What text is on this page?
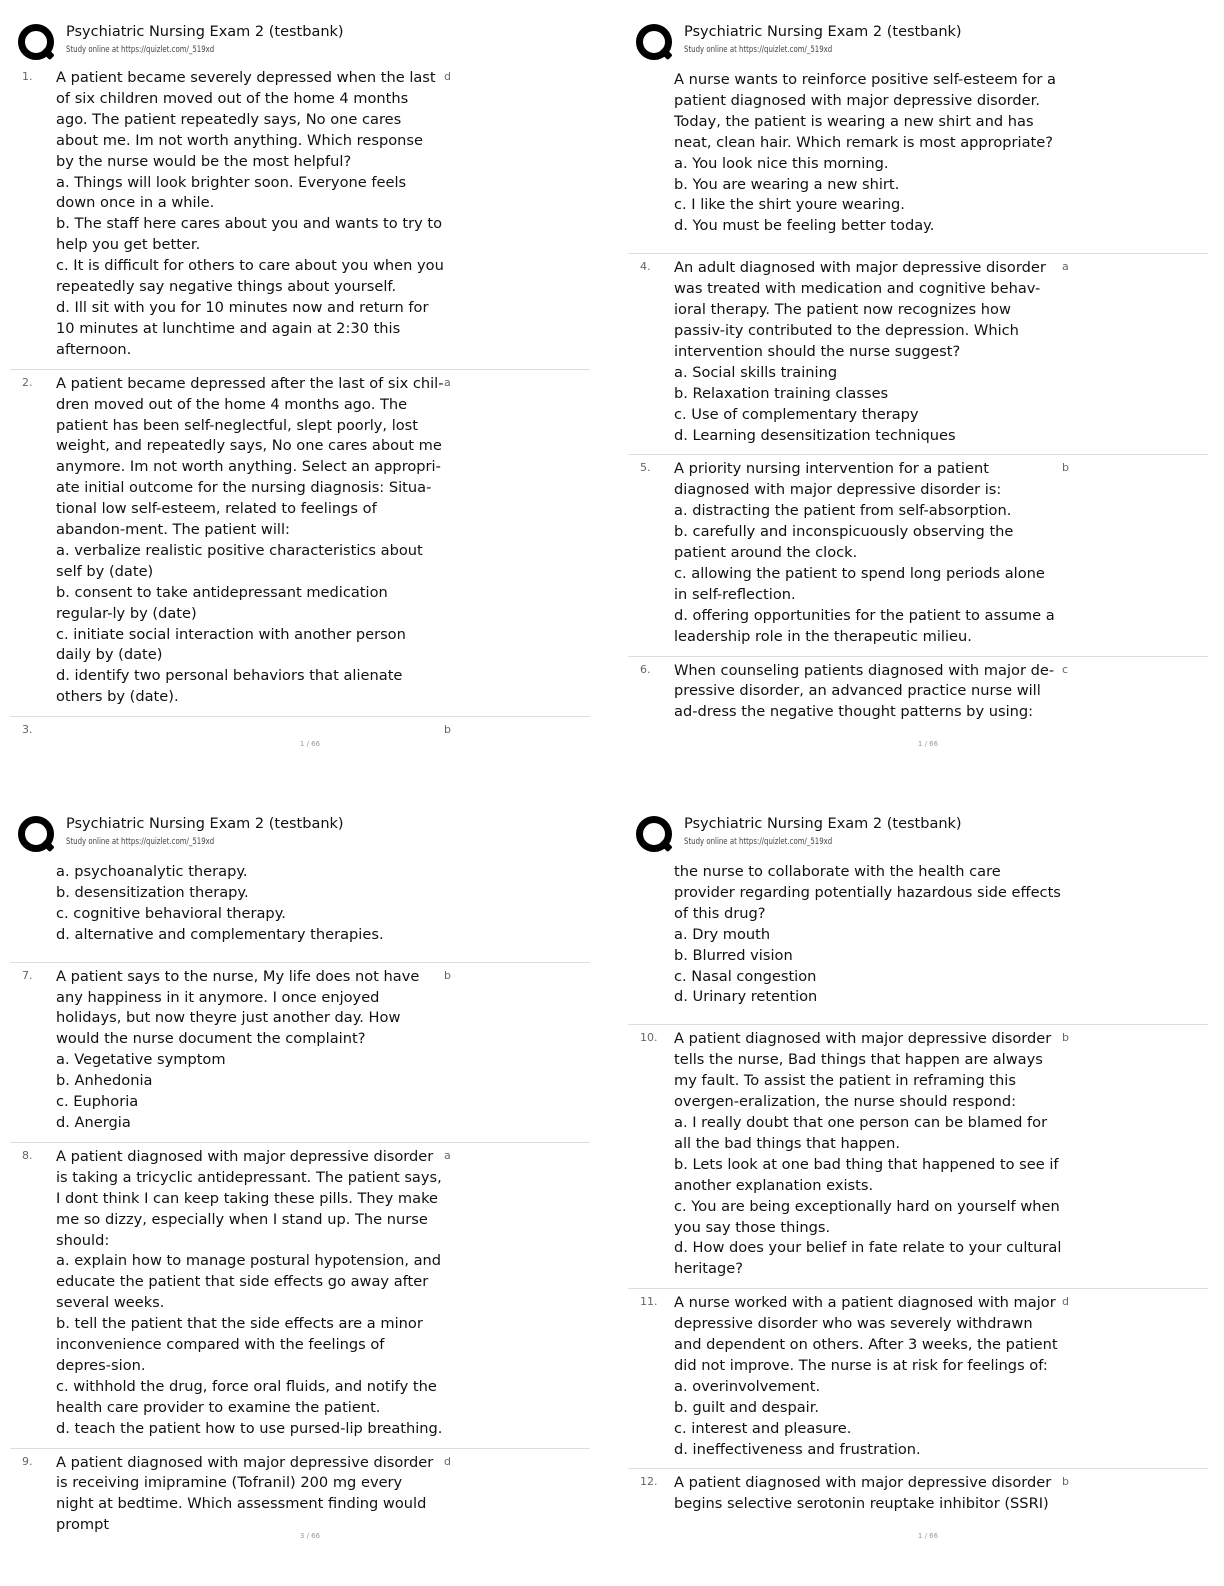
Psychiatric Nursing Exam 2 (testbank)
Study online at https://quizlet.com/_519xd
1.	d
A patient became severely depressed when the last of six children moved out of the home 4 months ago. The patient repeatedly says, No one cares about me. Im not worth anything. Which response by the nurse would be the most helpful?
a. Things will look brighter soon. Everyone feels down once in a while.
b. The staff here cares about you and wants to try to help you get better.
c. It is difficult for others to care about you when you repeatedly say negative things about yourself.
d. Ill sit with you for 10 minutes now and return for 10 minutes at lunchtime and again at 2:30 this afternoon.
2.	a
A patient became depressed after the last of six chil-dren moved out of the home 4 months ago. The patient has been self-neglectful, slept poorly, lost weight, and repeatedly says, No one cares about me anymore. Im not worth anything. Select an appropri-ate initial outcome for the nursing diagnosis: Situa-tional low self-esteem, related to feelings of abandon-ment. The patient will:
a. verbalize realistic positive characteristics about self by (date)
b. consent to take antidepressant medication regular-ly by (date)
c. initiate social interaction with another person daily by (date)
d. identify two personal behaviors that alienate others by (date).
3.	b
1 / 66
Psychiatric Nursing Exam 2 (testbank)
Study online at https://quizlet.com/_519xd
A nurse wants to reinforce positive self-esteem for a patient diagnosed with major depressive disorder. Today, the patient is wearing a new shirt and has neat, clean hair. Which remark is most appropriate?
a. You look nice this morning.
b. You are wearing a new shirt.
c. I like the shirt youre wearing.
d. You must be feeling better today.
4.	a
An adult diagnosed with major depressive disorder was treated with medication and cognitive behav-ioral therapy. The patient now recognizes how passiv-ity contributed to the depression. Which intervention should the nurse suggest?
a. Social skills training
b. Relaxation training classes
c. Use of complementary therapy
d. Learning desensitization techniques
5.	b
A priority nursing intervention for a patient diagnosed with major depressive disorder is:
a. distracting the patient from self-absorption.
b. carefully and inconspicuously observing the patient around the clock.
c. allowing the patient to spend long periods alone in self-reflection.
d. offering opportunities for the patient to assume a leadership role in the therapeutic milieu.
6.	c
When counseling patients diagnosed with major de-pressive disorder, an advanced practice nurse will ad-dress the negative thought patterns by using:
1 / 66
Psychiatric Nursing Exam 2 (testbank)
Study online at https://quizlet.com/_519xd
a. psychoanalytic therapy.
b. desensitization therapy.
c. cognitive behavioral therapy.
d. alternative and complementary therapies.
7.	b
A patient says to the nurse, My life does not have any happiness in it anymore. I once enjoyed holidays, but now theyre just another day. How would the nurse document the complaint?
a. Vegetative symptom
b. Anhedonia
c. Euphoria
d. Anergia
8.	a
A patient diagnosed with major depressive disorder is taking a tricyclic antidepressant. The patient says, I dont think I can keep taking these pills. They make me so dizzy, especially when I stand up. The nurse should:
a. explain how to manage postural hypotension, and educate the patient that side effects go away after several weeks.
b. tell the patient that the side effects are a minor inconvenience compared with the feelings of depres-sion.
c. withhold the drug, force oral fluids, and notify the health care provider to examine the patient.
d. teach the patient how to use pursed-lip breathing.
9.	d
A patient diagnosed with major depressive disorder is receiving imipramine (Tofranil) 200 mg every night at bedtime. Which assessment finding would prompt
3 / 66
Psychiatric Nursing Exam 2 (testbank)
Study online at https://quizlet.com/_519xd
the nurse to collaborate with the health care provider regarding potentially hazardous side effects of this drug?
a. Dry mouth
b. Blurred vision
c. Nasal congestion
d. Urinary retention
10.	b
A patient diagnosed with major depressive disorder tells the nurse, Bad things that happen are always my fault. To assist the patient in reframing this overgen-eralization, the nurse should respond:
a. I really doubt that one person can be blamed for all the bad things that happen.
b. Lets look at one bad thing that happened to see if another explanation exists.
c. You are being exceptionally hard on yourself when you say those things.
d. How does your belief in fate relate to your cultural heritage?
11.	d
A nurse worked with a patient diagnosed with major depressive disorder who was severely withdrawn and dependent on others. After 3 weeks, the patient did not improve. The nurse is at risk for feelings of:
a. overinvolvement.
b. guilt and despair.
c. interest and pleasure.
d. ineffectiveness and frustration.
12.	b
A patient diagnosed with major depressive disorder begins selective serotonin reuptake inhibitor (SSRI)
1 / 66
